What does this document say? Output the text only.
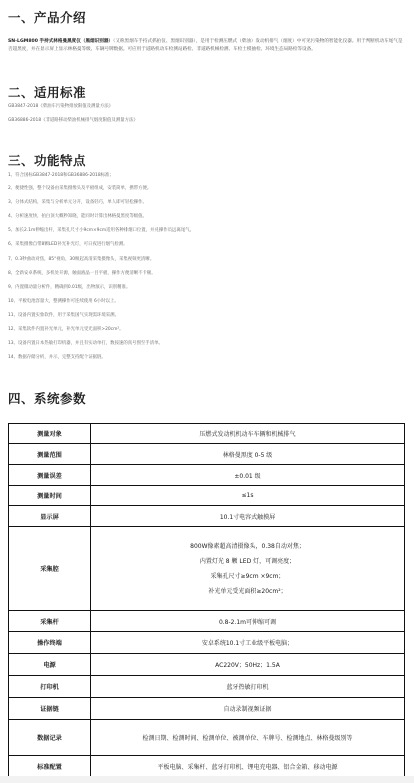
一、产品介绍
SN-LGM800 手持式林格曼黑度仪（黑烟识别器）（又称黑烟车手持式抓拍仪、黑烟识别器），是用于检测压燃式（柴油）发动机排气（烟度）中可见污染物的智能化仪器。用于判断机动车尾气是否超黑度，并在显示屏上显示林格曼等级、车辆号牌数据。可应用于道路机动车检测站路检、非道路机械检测、车检土模抽检、环境生态局路检等设备。
二、适用标准
GB3847-2018《柴油车污染物排放限值及测量方法》
GB36886-2018《非道路移动柴油机械排气烟度限值及测量方法》
三、功能特点
1、符合国标GB3847-2018和GB36886-2018标准；
2、便捷性强，整个设备由采集摄像头及平板组成，安装简单，携带方便。
3、分体式结构，采集与分析单元分开，设备轻巧，单人即可轻松操作。
4、分析速度快，拍白顶大概秒知晓，能同时计算出林格曼黑度等级值。
5、加长2.1m伸缩出杆，采集孔尺寸小9cm×9cm适用各种排烟口位置，并兑操作员远离尾气。
6、采集摄像自带8颗LED补光补光灯，可日夜进行烟气检测。
7、0.3秒曲动对焦，85°视角，30帧起高清采集摄像头，采集视频更清晰。
8、全新安卓系统，多机处开源，触面液晶一目平板，操作方便清晰不卡顿。
9、内置微动量分析件，精确到0.01级，出物演示，识别精准。
10、平板电池容量大，整测操作可连续使用 6小时以上。
11、设备内置实象软件，用于采集国气实现需环境采测。
12、采集软件内置补光单元，补光单元受光面积>20cm²。
13、设备内置日本热敏打印机器，并且有实动单打，数按速的真号图至手清单。
14、数据存储分析，并示，完整支持配个证据链。
四、系统参数
测量对象	压燃式发动机机动车车辆和机械排气
测量范围	林格曼黑度 0-5 级
测量误差	±0.01 级
测量时间	≤1s
显示屏	10.1寸电容式触摸屏
采集腔	800W像素超高清摄像头，0.38自动对焦；
内置灯光 8 颗 LED 灯，可调亮度；
采集孔尺寸≥9cm ×9cm；
补光单元受光面积≥20cm²；

采集杆	0.8-2.1m可伸缩可调
操作终端	安卓系统10.1寸工业级平板电脑；
电源	AC220V；50Hz；1.5A
打印机	蓝牙热敏打印机
证据链	自动录制视频证据
数据记录	检测日期、检测时间、检测单位、被测单位、车牌号、检测地点、林格曼级别等
标准配置	平板电脑、采集杆、蓝牙打印机、锂电充电器、铝合金箱、移动电源
